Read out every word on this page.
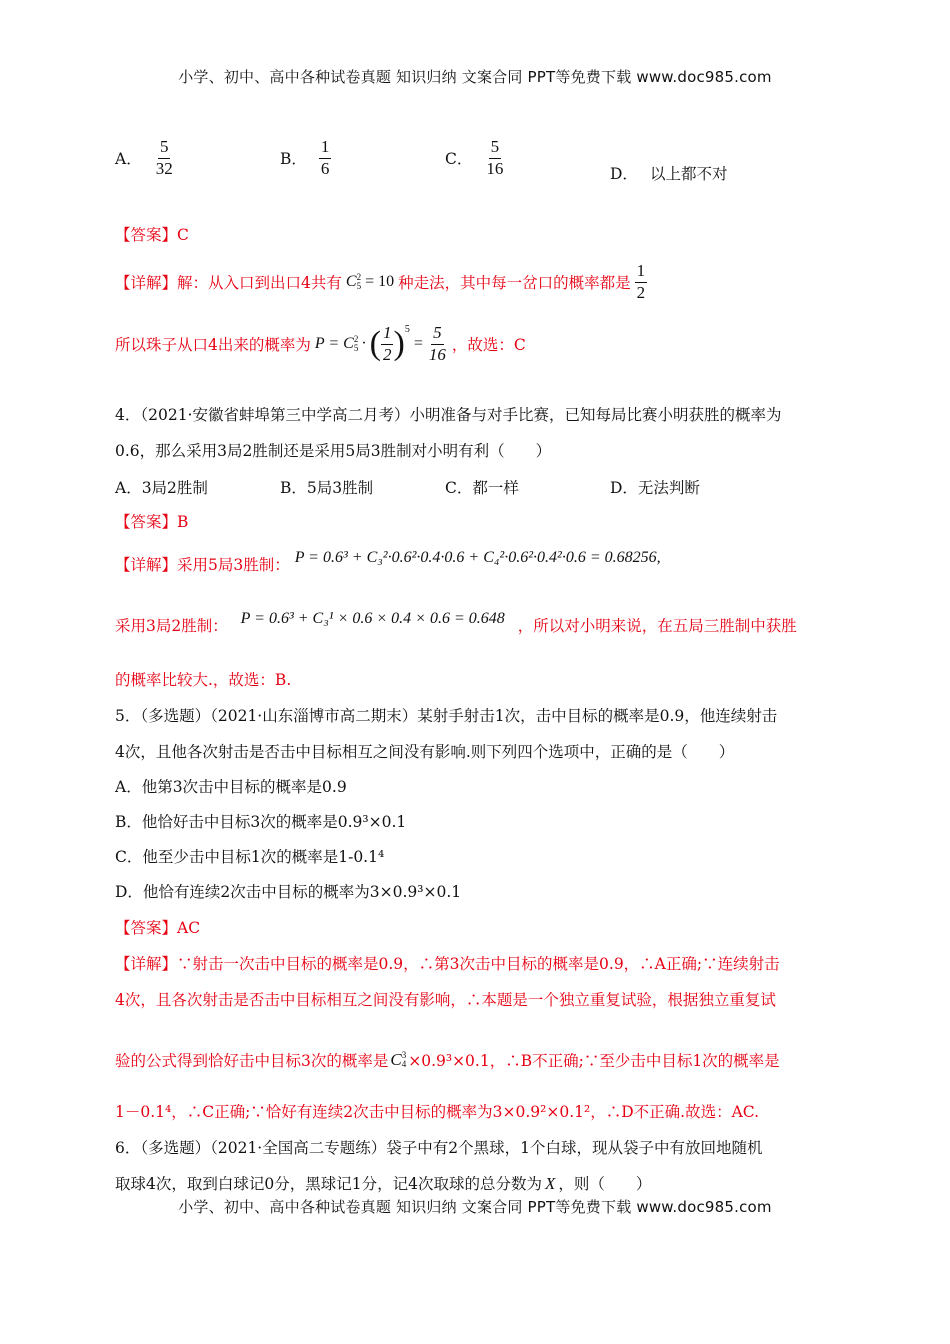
小学、初中、高中各种试卷真题 知识归纳 文案合同 PPT等免费下载 www.doc985.com
A． $\frac{5}{32}$	B． $\frac{1}{6}$	C． $\frac{5}{16}$	D． 以上都不对
【答案】C
【详解】 解：从入口到出口4共有 C 2
5 = 10 种走法，其中每一岔口的概率都是 $\frac{1}{2}$
所以珠子从口4出来的概率为 P = C 2
5 · ( $\frac{1}{2}$ ) 5
= $\frac{5}{16}$ ，故选：C
4．（2021·安徽省蚌埠第三中学高二月考）小明准备与对手比赛，已知每局比赛小明获胜的概率为
0.6，那么采用3局2胜制还是采用5局3胜制对小明有利（　　）
A．3局2胜制	B．5局3胜制	C．都一样	D．无法判断
【答案】B
【详解】采用5局3胜制： P = 0.6³ + C₃²·0.6²·0.4·0.6 + C₄²·0.6²·0.4²·0.6 = 0.68256,
采用3局2胜制： P = 0.6³ + C₃¹ × 0.6 × 0.4 × 0.6 = 0.648 ，所以对小明来说，在五局三胜制中获胜
的概率比较大.，故选：B.
5．（多选题）（2021·山东淄博市高二期末）某射手射击1次，击中目标的概率是0.9，他连续射击
4次，且他各次射击是否击中目标相互之间没有影响.则下列四个选项中，正确的是（　　）
A．他第3次击中目标的概率是0.9
B．他恰好击中目标3次的概率是0.9³×0.1
C．他至少击中目标1次的概率是1-0.1⁴
D．他恰有连续2次击中目标的概率为3×0.9³×0.1
【答案】AC
【详解】∵射击一次击中目标的概率是0.9，∴第3次击中目标的概率是0.9，∴A正确;∵连续射击
4次，且各次射击是否击中目标相互之间没有影响，∴本题是一个独立重复试验，根据独立重复试
验的公式得到恰好击中目标3次的概率是 C 3
4 ×0.9³×0.1，∴B不正确;∵至少击中目标1次的概率是
1－0.1⁴，∴C正确;∵恰好有连续2次击中目标的概率为3×0.9²×0.1²，∴D不正确.故选：AC.
6．（多选题）（2021·全国高二专题练）袋子中有2个黑球，1个白球，现从袋子中有放回地随机
取球4次，取到白球记0分，黑球记1分，记4次取球的总分数为 X ，则（　　）
小学、初中、高中各种试卷真题 知识归纳 文案合同 PPT等免费下载 www.doc985.com
